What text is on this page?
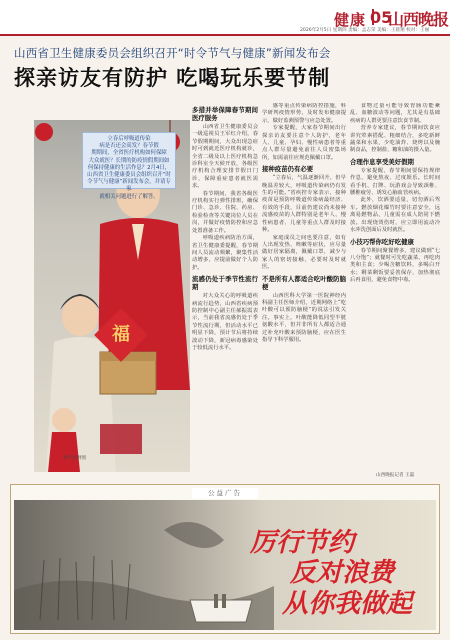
健康 05
山西晚报
2026年2月5日 星期四 责编：孟志荣 美编：王晨翔 校对：王丽
山西省卫生健康委员会组织召开“时令节气与健康”新闻发布会
探亲访友有防护 吃喝玩乐要节制
福
新华社供图
立春后呼吸道传染
病是否还会高发？春节假
期期间，全省医疗机构如何保障
大众就医？长期的防疫情假期间如
何保持健康的生活作息？2月4日，
山西省卫生健康委员会组织召开“时
令节气与健康”新闻发布会，并请专家
就相关问题进行了解答。
多措并举保障春节期间医疗服务

山西省卫生健康委员会一级巡视员王军红介绍，春节假期期间，大众出现急症时可到就近医疗机构就诊，全省二级及以上医疗机构急诊科室全天候开放，各级医疗机构合理安排节假日门诊，保障重症患者就医需求。

春节期间，我省各级医疗机构实行弹性排班，确保门诊、急诊、住院、药房、检验检查等关键岗位人员在岗，并做好疫情防控和应急处置准备工作。

呼吸道疾病防治方面，省卫生健康委提醒，春节期间人员流动频繁，聚集性活动增多，应提前做好个人防护。

流感仍处于季节性流行期

对大众关心的呼吸道疾病流行趋势，山西省疾病预防控制中心副主任郝振霞表示，当前我省流感仍处于季节性流行期，但活动水平已明显下降，预计节后将持续波动下降，新冠病毒感染处于较低流行水平。

感等重点传染病防控措施，科学研判疫情形势，及时发布健康提示，做好监测预警与应急处置。

专家提醒，大家春节期间出行探亲访友要注意个人防护，老年人、儿童、孕妇、慢性病患者等重点人群尽量避免前往人员密集场所，如需前往应规范佩戴口罩。

接种疫苗仍有必要

“立春后，气温逐渐回升，但早晚温差较大，呼吸道传染病仍有发生的可能。”省疾控专家表示，接种疫苗是预防呼吸道传染病最经济、有效的手段，目前仍建议尚未接种流感疫苗的人群特别是老年人、慢性病患者、儿童等重点人群及时接种。

家庭成员之间也要注意，如有人出现发热、咳嗽等症状，应尽量做好居家隔离，佩戴口罩，减少与家人的密切接触，必要时及时就医。

不是所有人都适合吃叶酸防脑梗

山西医科大学第一医院神经内科副主任医师介绍，近期网络上“吃叶酸可以预防脑梗”的说法引发关注。事实上，叶酸能降低同型半胱氨酸水平，但并非所有人都适合通过补充叶酸来预防脑梗，应在医生指导下科学服用。

食物过量可能导致胃肠功能紊乱、血糖波动等问题，尤其是有基础疾病的人群更要注意饮食节制。

营养专家建议，春节期间饮食应讲究荤素搭配、粗细结合，多吃新鲜蔬菜和水果，少吃油炸、烧烤以及腌制食品，控制盐、糖和油的摄入量。

合理作息享受美好假期

专家提醒，春节期间要保持规律作息，避免熬夜、过度娱乐。长时间看手机、打牌、玩游戏会导致颈椎、腰椎疲劳，诱发心脑血管疾病。

此外，饮酒要适量，切勿酒后驾车。燃放烟花爆竹时要注意安全，远离易燃物品，儿童需在成人陪同下燃放。出现烧烫伤时，应立即用流动冷水冲洗创面后及时就医。

小技巧帮你吃好吃健康

春节期间聚餐增多，建议做到“七八分饱”；就餐时可先吃蔬菜，再吃肉类和主食；少喝含糖饮料，多喝白开水；剩菜剩饭要妥善保存，加热彻底后再食用，避免食物中毒。

山西晚报记者 王磊
公益广告
厉行节约
反对浪费
从你我做起
